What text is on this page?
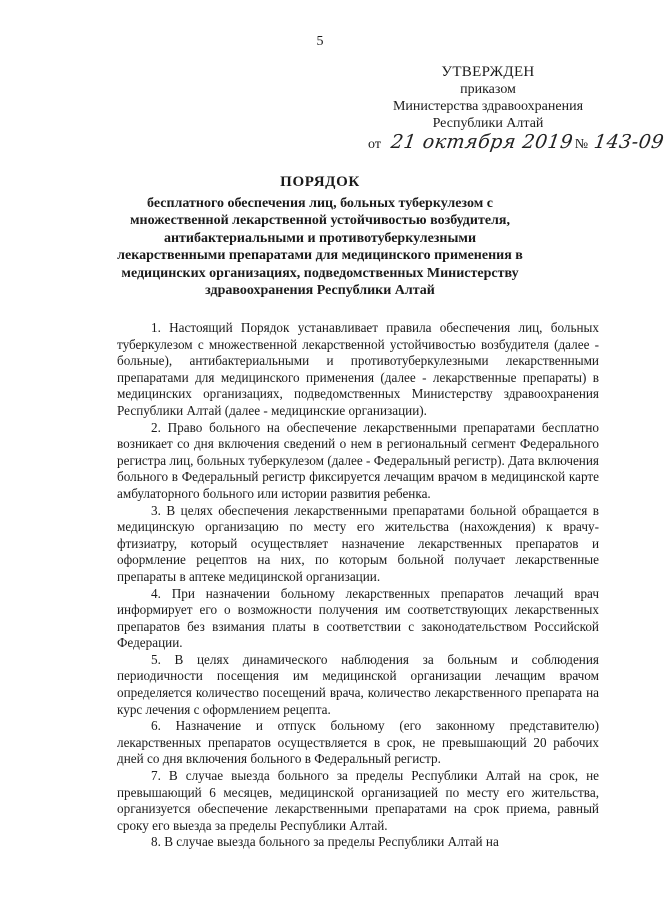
5
УТВЕРЖДЕН
приказом
Министерства здравоохранения
Республики Алтай
от 21 октября 2019 № 143-09
ПОРЯДОК
бесплатного обеспечения лиц, больных туберкулезом с множественной лекарственной устойчивостью возбудителя, антибактериальными и противотуберкулезными лекарственными препаратами для медицинского применения в медицинских организациях, подведомственных Министерству здравоохранения Республики Алтай

1. Настоящий Порядок устанавливает правила обеспечения лиц, больных туберкулезом с множественной лекарственной устойчивостью возбудителя (далее - больные), антибактериальными и противотуберкулезными лекарственными препаратами для медицинского применения (далее - лекарственные препараты) в медицинских организациях, подведомственных Министерству здравоохранения Республики Алтай (далее - медицинские организации).

2. Право больного на обеспечение лекарственными препаратами бесплатно возникает со дня включения сведений о нем в региональный сегмент Федерального регистра лиц, больных туберкулезом (далее - Федеральный регистр). Дата включения больного в Федеральный регистр фиксируется лечащим врачом в медицинской карте амбулаторного больного или истории развития ребенка.

3. В целях обеспечения лекарственными препаратами больной обращается в медицинскую организацию по месту его жительства (нахождения) к врачу-фтизиатру, который осуществляет назначение лекарственных препаратов и оформление рецептов на них, по которым больной получает лекарственные препараты в аптеке медицинской организации.

4. При назначении больному лекарственных препаратов лечащий врач информирует его о возможности получения им соответствующих лекарственных препаратов без взимания платы в соответствии с законодательством Российской Федерации.

5. В целях динамического наблюдения за больным и соблюдения периодичности посещения им медицинской организации лечащим врачом определяется количество посещений врача, количество лекарственного препарата на курс лечения с оформлением рецепта.

6. Назначение и отпуск больному (его законному представителю) лекарственных препаратов осуществляется в срок, не превышающий 20 рабочих дней со дня включения больного в Федеральный регистр.

7. В случае выезда больного за пределы Республики Алтай на срок, не превышающий 6 месяцев, медицинской организацией по месту его жительства, организуется обеспечение лекарственными препаратами на срок приема, равный сроку его выезда за пределы Республики Алтай.

8. В случае выезда больного за пределы Республики Алтай на
